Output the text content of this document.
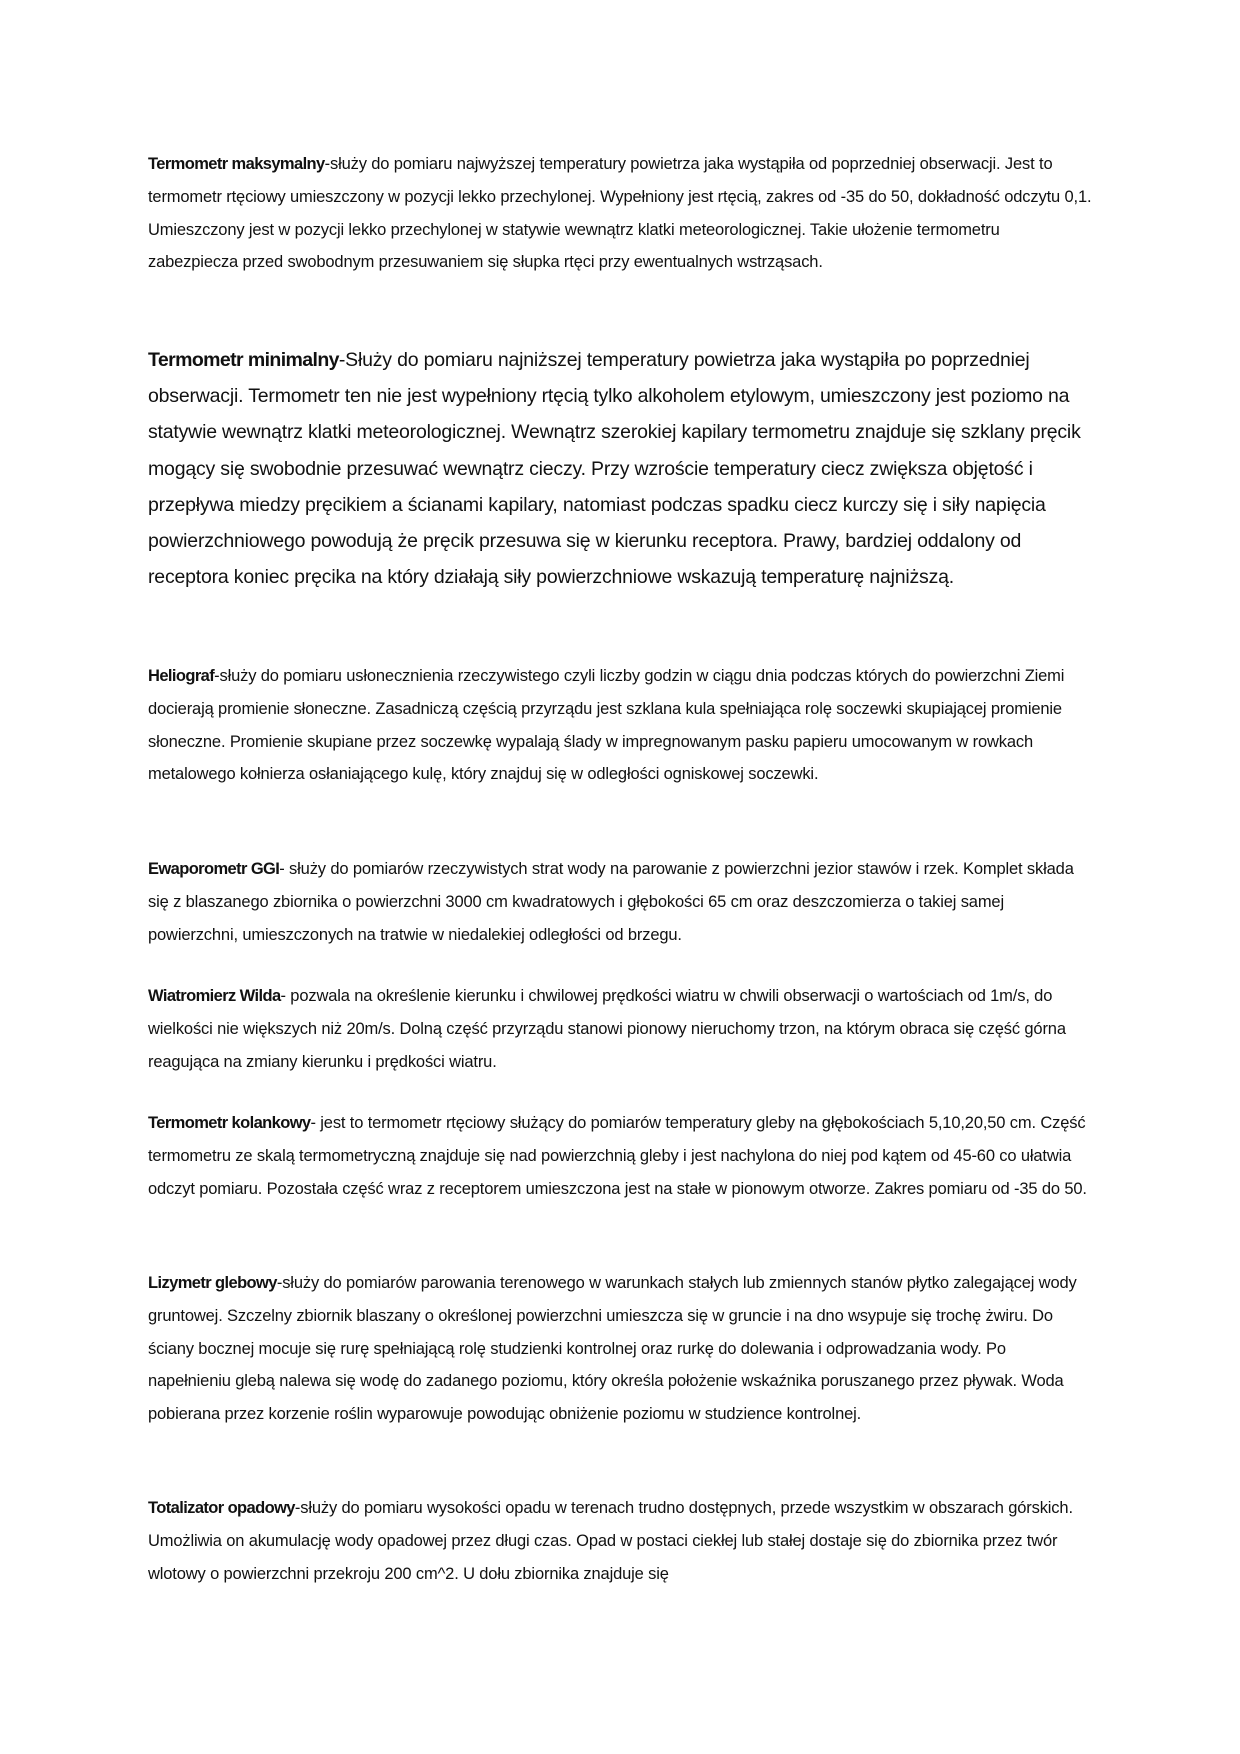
Termometr maksymalny-służy do pomiaru najwyższej temperatury powietrza jaka wystąpiła od poprzedniej obserwacji. Jest to termometr rtęciowy umieszczony w pozycji lekko przechylonej. Wypełniony jest rtęcią, zakres od -35 do 50, dokładność odczytu 0,1. Umieszczony jest w pozycji lekko przechylonej w statywie wewnątrz klatki meteorologicznej. Takie ułożenie termometru zabezpiecza przed swobodnym przesuwaniem się słupka rtęci przy ewentualnych wstrząsach.

Termometr minimalny-Służy do pomiaru najniższej temperatury powietrza jaka wystąpiła po poprzedniej obserwacji. Termometr ten nie jest wypełniony rtęcią tylko alkoholem etylowym, umieszczony jest poziomo na statywie wewnątrz klatki meteorologicznej. Wewnątrz szerokiej kapilary termometru znajduje się szklany pręcik mogący się swobodnie przesuwać wewnątrz cieczy. Przy wzroście temperatury ciecz zwiększa objętość i przepływa miedzy pręcikiem a ścianami kapilary, natomiast podczas spadku ciecz kurczy się i siły napięcia powierzchniowego powodują że pręcik przesuwa się w kierunku receptora. Prawy, bardziej oddalony od receptora koniec pręcika na który działają siły powierzchniowe wskazują temperaturę najniższą.

Heliograf-służy do pomiaru usłonecznienia rzeczywistego czyli liczby godzin w ciągu dnia podczas których do powierzchni Ziemi docierają promienie słoneczne. Zasadniczą częścią przyrządu jest szklana kula spełniająca rolę soczewki skupiającej promienie słoneczne. Promienie skupiane przez soczewkę wypalają ślady w impregnowanym pasku papieru umocowanym w rowkach metalowego kołnierza osłaniającego kulę, który znajduj się w odległości ogniskowej soczewki.

Ewaporometr GGI- służy do pomiarów rzeczywistych strat wody na parowanie z powierzchni jezior stawów i rzek. Komplet składa się z blaszanego zbiornika o powierzchni 3000 cm kwadratowych i głębokości 65 cm oraz deszczomierza o takiej samej powierzchni, umieszczonych na tratwie w niedalekiej odległości od brzegu.

Wiatromierz Wilda- pozwala na określenie kierunku i chwilowej prędkości wiatru w chwili obserwacji o wartościach od 1m/s, do wielkości nie większych niż 20m/s. Dolną część przyrządu stanowi pionowy nieruchomy trzon, na którym obraca się część górna reagująca na zmiany kierunku i prędkości wiatru.

Termometr kolankowy- jest to termometr rtęciowy służący do pomiarów temperatury gleby na głębokościach 5,10,20,50 cm. Część termometru ze skalą termometryczną znajduje się nad powierzchnią gleby i jest nachylona do niej pod kątem od 45-60 co ułatwia odczyt pomiaru. Pozostała część wraz z receptorem umieszczona jest na stałe w pionowym otworze. Zakres pomiaru od -35 do 50.

Lizymetr glebowy-służy do pomiarów parowania terenowego w warunkach stałych lub zmiennych stanów płytko zalegającej wody gruntowej. Szczelny zbiornik blaszany o określonej powierzchni umieszcza się w gruncie i na dno wsypuje się trochę żwiru. Do ściany bocznej mocuje się rurę spełniającą rolę studzienki kontrolnej oraz rurkę do dolewania i odprowadzania wody. Po napełnieniu glebą nalewa się wodę do zadanego poziomu, który określa położenie wskaźnika poruszanego przez pływak. Woda pobierana przez korzenie roślin wyparowuje powodując obniżenie poziomu w studzience kontrolnej.

Totalizator opadowy-służy do pomiaru wysokości opadu w terenach trudno dostępnych, przede wszystkim w obszarach górskich. Umożliwia on akumulację wody opadowej przez długi czas. Opad w postaci ciekłej lub stałej dostaje się do zbiornika przez twór wlotowy o powierzchni przekroju 200 cm^2. U dołu zbiornika znajduje się
